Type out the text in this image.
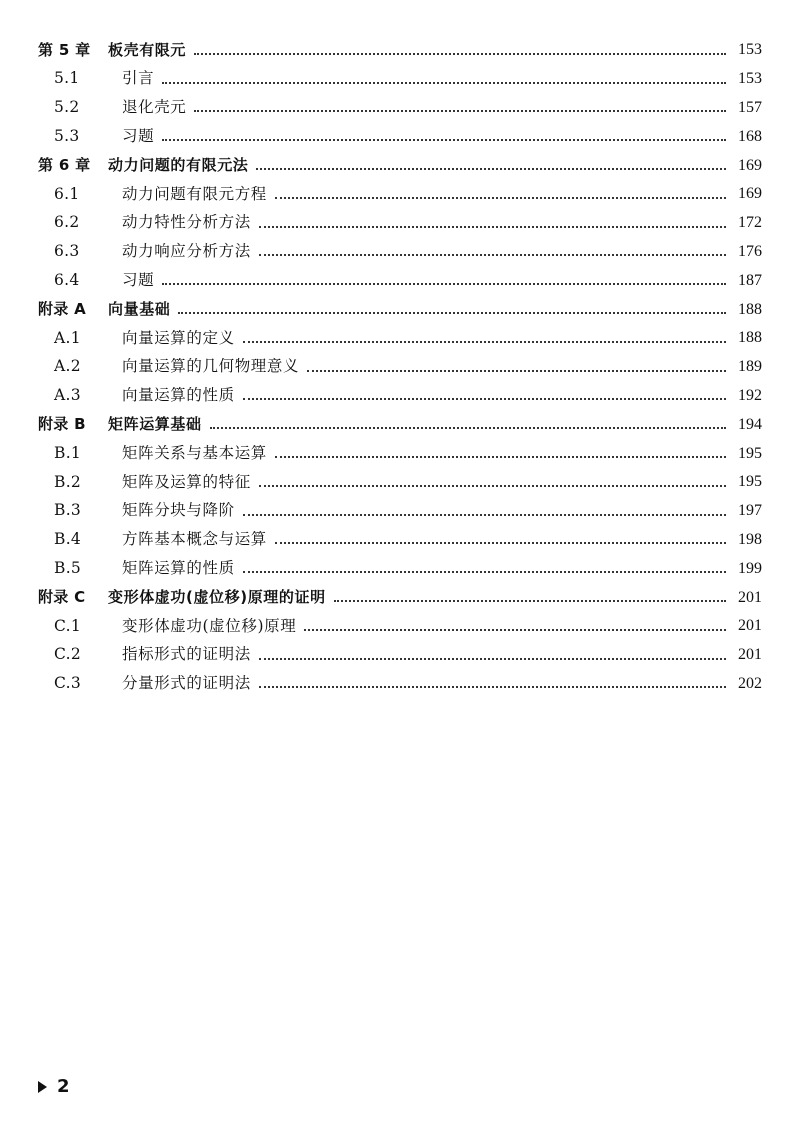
第 5 章	板壳有限元	153
5.1	引言	153
5.2	退化壳元	157
5.3	习题	168
第 6 章	动力问题的有限元法	169
6.1	动力问题有限元方程	169
6.2	动力特性分析方法	172
6.3	动力响应分析方法	176
6.4	习题	187
附录 A	向量基础	188
A.1	向量运算的定义	188
A.2	向量运算的几何物理意义	189
A.3	向量运算的性质	192
附录 B	矩阵运算基础	194
B.1	矩阵关系与基本运算	195
B.2	矩阵及运算的特征	195
B.3	矩阵分块与降阶	197
B.4	方阵基本概念与运算	198
B.5	矩阵运算的性质	199
附录 C	变形体虚功(虚位移)原理的证明	201
C.1	变形体虚功(虚位移)原理	201
C.2	指标形式的证明法	201
C.3	分量形式的证明法	202
2
